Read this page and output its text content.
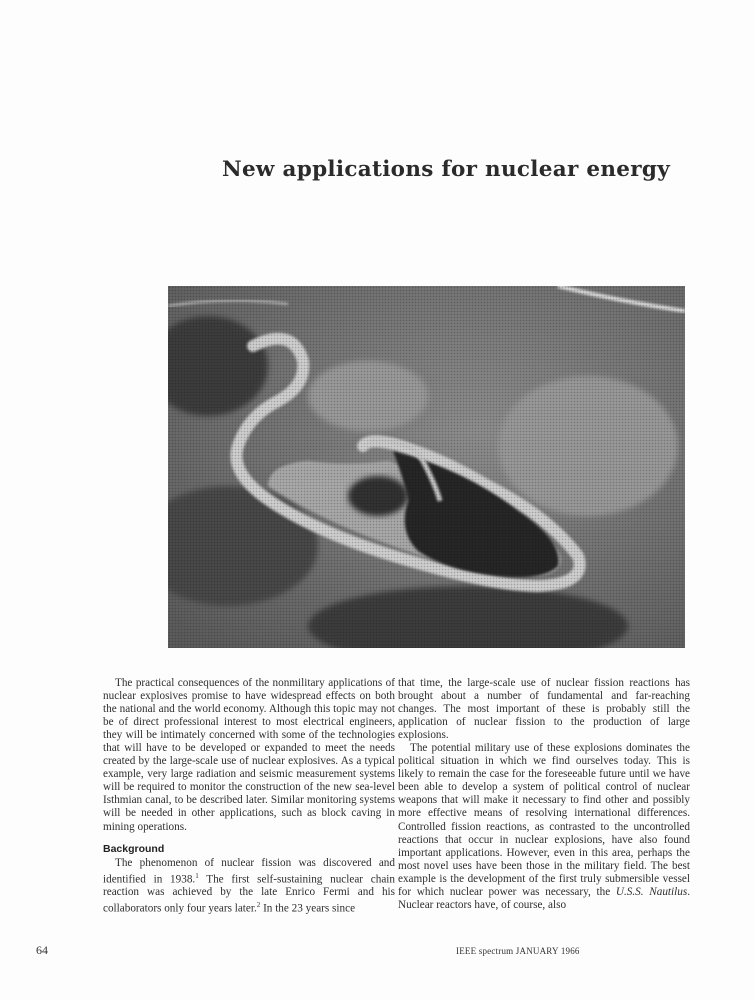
New applications for nuclear energy

The practical consequences of the nonmilitary applications of nuclear explosives promise to have widespread effects on both the national and the world economy. Although this topic may not be of direct professional interest to most electrical engineers, they will be intimately concerned with some of the technologies that will have to be developed or expanded to meet the needs created by the large-scale use of nuclear explosives. As a typical example, very large radiation and seismic measurement systems will be required to monitor the construction of the new sea-level Isthmian canal, to be described later. Similar monitoring systems will be needed in other applications, such as block caving in mining operations.

Background

The phenomenon of nuclear fission was discovered and identified in 1938.$^1$ The first self-sustaining nuclear chain reaction was achieved by the late Enrico Fermi and his collaborators only four years later.$^2$ In the 23 years since

that time, the large-scale use of nuclear fission reactions has brought about a number of fundamental and far-reaching changes. The most important of these is probably still the application of nuclear fission to the production of large explosions.

The potential military use of these explosions dominates the political situation in which we find ourselves today. This is likely to remain the case for the foreseeable future until we have been able to develop a system of political control of nuclear weapons that will make it necessary to find other and possibly more effective means of resolving international differences. Controlled fission reactions, as contrasted to the uncontrolled reactions that occur in nuclear explosions, have also found important applications. However, even in this area, perhaps the most novel uses have been those in the military field. The best example is the development of the first truly submersible vessel for which nuclear power was necessary, the U.S.S. Nautilus. Nuclear reactors have, of course, also

64	IEEE spectrum JANUARY 1966
